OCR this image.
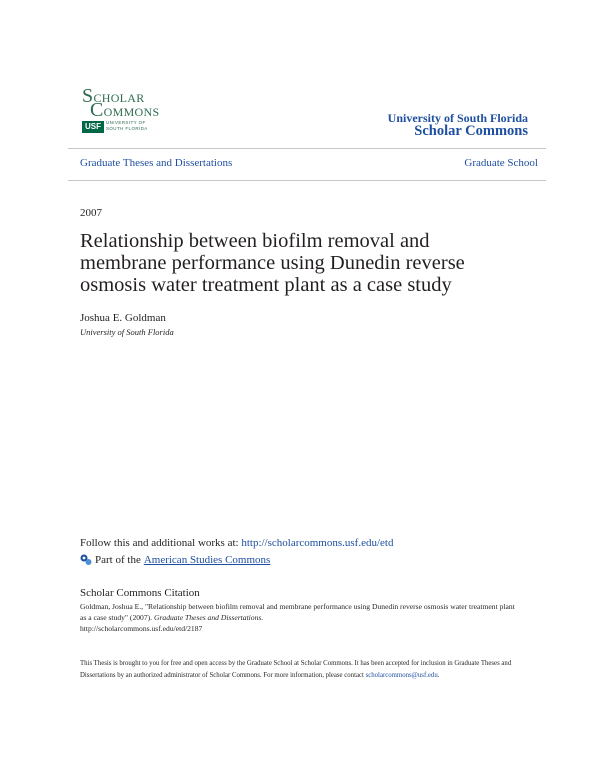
SCHOLAR
COMMONS
USF	UNIVERSITY OF
SOUTH FLORIDA
University of South Florida
Scholar Commons
Graduate Theses and Dissertations	Graduate School
2007
Relationship between biofilm removal and membrane performance using Dunedin reverse osmosis water treatment plant as a case study
Joshua E. Goldman
University of South Florida
Follow this and additional works at: http://scholarcommons.usf.edu/etd
Part of the American Studies Commons
Scholar Commons Citation
Goldman, Joshua E., "Relationship between biofilm removal and membrane performance using Dunedin reverse osmosis water treatment plant as a case study" (2007). Graduate Theses and Dissertations.
http://scholarcommons.usf.edu/etd/2187
This Thesis is brought to you for free and open access by the Graduate School at Scholar Commons. It has been accepted for inclusion in Graduate Theses and Dissertations by an authorized administrator of Scholar Commons. For more information, please contact scholarcommons@usf.edu.
